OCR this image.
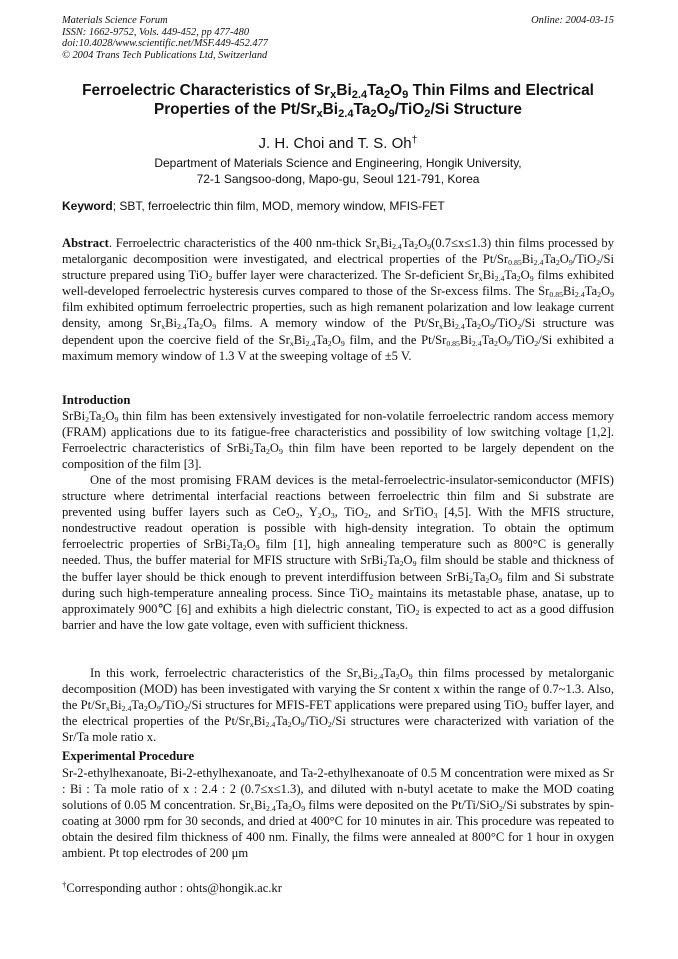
Materials Science Forum
ISSN: 1662-9752, Vols. 449-452, pp 477-480
doi:10.4028/www.scientific.net/MSF.449-452.477
© 2004 Trans Tech Publications Ltd, Switzerland
Online: 2004-03-15
Ferroelectric Characteristics of $Sr_xBi_{2.4}Ta_2O_9$ Thin Films and Electrical Properties of the $Pt/Sr_xBi_{2.4}Ta_2O_9/TiO_2/Si$ Structure
J. H. Choi and T. S. Oh†
Department of Materials Science and Engineering, Hongik University,
72-1 Sangsoo-dong, Mapo-gu, Seoul 121-791, Korea
Keyword; SBT, ferroelectric thin film, MOD, memory window, MFIS-FET
Abstract. Ferroelectric characteristics of the 400 nm-thick $Sr_xBi_{2.4}Ta_2O_9(0.7\le x\le 1.3)$ thin films processed by metalorganic decomposition were investigated, and electrical properties of the $Pt/Sr_{0.85}Bi_{2.4}Ta_2O_9/TiO_2/Si$ structure prepared using TiO$_2$ buffer layer were characterized. The Sr-deficient $Sr_xBi_{2.4}Ta_2O_9$ films exhibited well-developed ferroelectric hysteresis curves compared to those of the Sr-excess films. The $Sr_{0.85}Bi_{2.4}Ta_2O_9$ film exhibited optimum ferroelectric properties, such as high remanent polarization and low leakage current density, among $Sr_xBi_{2.4}Ta_2O_9$ films. A memory window of the $Pt/Sr_xBi_{2.4}Ta_2O_9/TiO_2/Si$ structure was dependent upon the coercive field of the $Sr_xBi_{2.4}Ta_2O_9$ film, and the $Pt/Sr_{0.85}Bi_{2.4}Ta_2O_9/TiO_2/Si$ exhibited a maximum memory window of 1.3 V at the sweeping voltage of ±5 V.
Introduction
$SrBi_2Ta_2O_9$ thin film has been extensively investigated for non-volatile ferroelectric random access memory (FRAM) applications due to its fatigue-free characteristics and possibility of low switching voltage [1,2]. Ferroelectric characteristics of $SrBi_2Ta_2O_9$ thin film have been reported to be largely dependent on the composition of the film [3].
One of the most promising FRAM devices is the metal-ferroelectric-insulator-semiconductor (MFIS) structure where detrimental interfacial reactions between ferroelectric thin film and Si substrate are prevented using buffer layers such as CeO$_2$, $Y_2O_3$, TiO$_2$, and SrTiO$_3$ [4,5]. With the MFIS structure, nondestructive readout operation is possible with high-density integration. To obtain the optimum ferroelectric properties of $SrBi_2Ta_2O_9$ film [1], high annealing temperature such as 800°C is generally needed. Thus, the buffer material for MFIS structure with $SrBi_2Ta_2O_9$ film should be stable and thickness of the buffer layer should be thick enough to prevent interdiffusion between $SrBi_2Ta_2O_9$ film and Si substrate during such high-temperature annealing process. Since TiO$_2$ maintains its metastable phase, anatase, up to approximately 900℃ [6] and exhibits a high dielectric constant, TiO$_2$ is expected to act as a good diffusion barrier and have the low gate voltage, even with sufficient thickness.
In this work, ferroelectric characteristics of the $Sr_xBi_{2.4}Ta_2O_9$ thin films processed by metalorganic decomposition (MOD) has been investigated with varying the Sr content x within the range of 0.7~1.3. Also, the $Pt/Sr_xBi_{2.4}Ta_2O_9/TiO_2/Si$ structures for MFIS-FET applications were prepared using TiO$_2$ buffer layer, and the electrical properties of the $Pt/Sr_xBi_{2.4}Ta_2O_9/TiO_2/Si$ structures were characterized with variation of the Sr/Ta mole ratio x.
Experimental Procedure
Sr-2-ethylhexanoate, Bi-2-ethylhexanoate, and Ta-2-ethylhexanoate of 0.5 M concentration were mixed as Sr : Bi : Ta mole ratio of x : 2.4 : 2 (0.7≤x≤1.3), and diluted with n-butyl acetate to make the MOD coating solutions of 0.05 M concentration. $Sr_xBi_{2.4}Ta_2O_9$ films were deposited on the Pt/Ti/SiO$_2$/Si substrates by spin-coating at 3000 rpm for 30 seconds, and dried at 400°C for 10 minutes in air. This procedure was repeated to obtain the desired film thickness of 400 nm. Finally, the films were annealed at 800°C for 1 hour in oxygen ambient. Pt top electrodes of 200 μm
†Corresponding author : ohts@hongik.ac.kr
